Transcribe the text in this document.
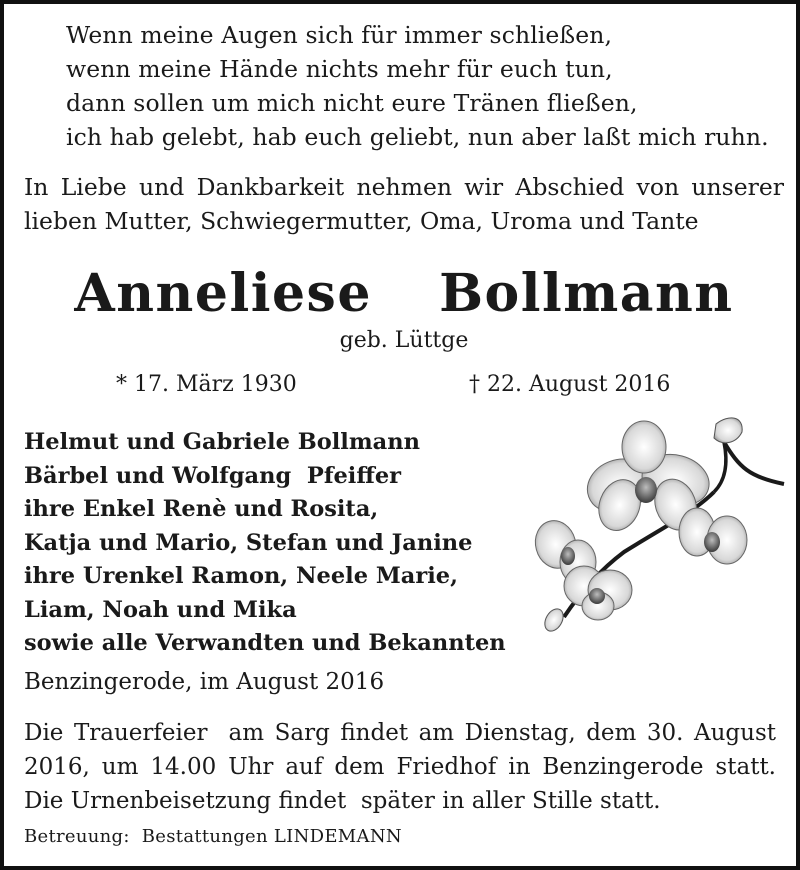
Wenn meine Augen sich für immer schließen,
wenn meine Hände nichts mehr für euch tun,
dann sollen um mich nicht eure Tränen fließen,
ich hab gelebt, hab euch geliebt, nun aber laßt mich ruhn.
In Liebe und Dankbarkeit nehmen wir Abschied von unserer
lieben Mutter, Schwiegermutter, Oma, Uroma und Tante
Anneliese  Bollmann
geb. Lüttge
* 17. März 1930	† 22. August 2016
Helmut und Gabriele Bollmann
Bärbel und Wolfgang  Pfeiffer
ihre Enkel Renè und Rosita,
Katja und Mario, Stefan und Janine
ihre Urenkel Ramon, Neele Marie,
Liam, Noah und Mika
sowie alle Verwandten und Bekannten
Benzingerode, im August 2016
Die Trauerfeier  am Sarg findet am Dienstag, dem 30. August
2016, um 14.00 Uhr auf dem Friedhof in Benzingerode statt.
Die Urnenbeisetzung findet  später in aller Stille statt.
Betreuung:  Bestattungen LINDEMANN
